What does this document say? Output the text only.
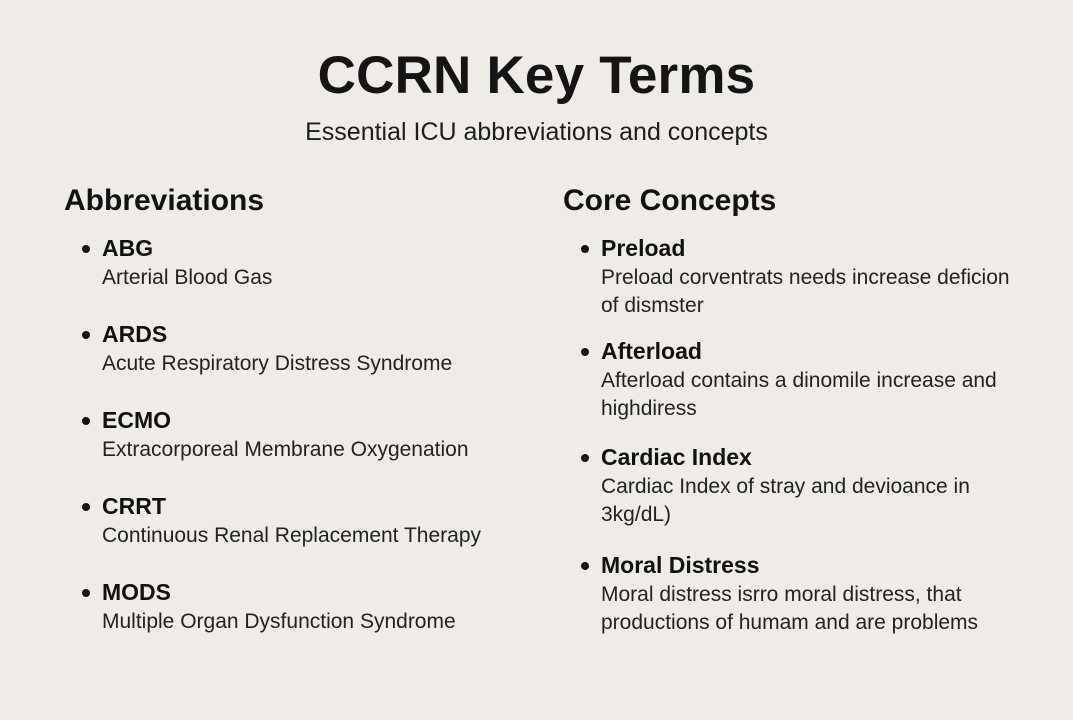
CCRN Key Terms
Essential ICU abbreviations and concepts
Abbreviations
ABG
Arterial Blood Gas
ARDS
Acute Respiratory Distress Syndrome
ECMO
Extracorporeal Membrane Oxygenation
CRRT
Continuous Renal Replacement Therapy
MODS
Multiple Organ Dysfunction Syndrome
Core Concepts
Preload
Preload corventrats needs increase deficion of dismster
Afterload
Afterload contains a dinomile increase and highdiress
Cardiac Index
Cardiac Index of stray and devioance in 3kg/dL)
Moral Distress
Moral distress isrro moral distress, that productions of humam and are problems
